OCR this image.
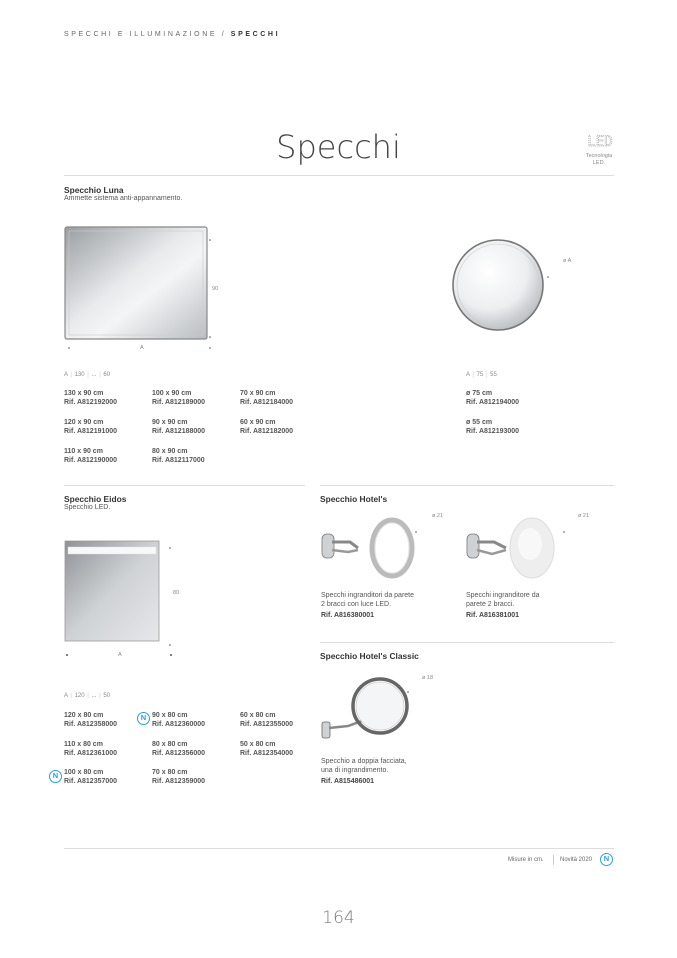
SPECCHI E ILLUMINAZIONE / SPECCHI
Specchi	LED
Tecnologia
LED.
Specchio Luna
Ammette sistema anti-appannamento.
90
A
ø A
A | 130 | ... | 60	A | 75 | 55
130 x 90 cm
Rif. A812192000
100 x 90 cm
Rif. A812189000
70 x 90 cm
Rif. A812184000
120 x 90 cm
Rif. A812191000
90 x 90 cm
Rif. A812188000
60 x 90 cm
Rif. A812182000
110 x 90 cm
Rif. A812190000
80 x 90 cm
Rif. A812117000
ø 75 cm
Rif. A812194000
ø 55 cm
Rif. A812193000
Specchio Eidos
Specchio LED.
80
A
A | 120 | ... | 50
120 x 80 cm
Rif. A812358000
90 x 80 cm
Rif. A812360000
60 x 80 cm
Rif. A812355000
110 x 80 cm
Rif. A812361000
80 x 80 cm
Rif. A812356000
50 x 80 cm
Rif. A812354000
100 x 80 cm
Rif. A812357000
70 x 80 cm
Rif. A812359000
N
N
Specchio Hotel's
ø 21	ø 21
Specchi ingranditori da parete
2 bracci con luce LED.
Rif. A816380001
Specchi ingranditore da
parete 2 bracci.
Rif. A816381001
Specchio Hotel's Classic
ø 18
Specchio a doppia facciata,
una di ingrandimento.
Rif. A815486001
Misure in cm.	Novità 2020	N
164
